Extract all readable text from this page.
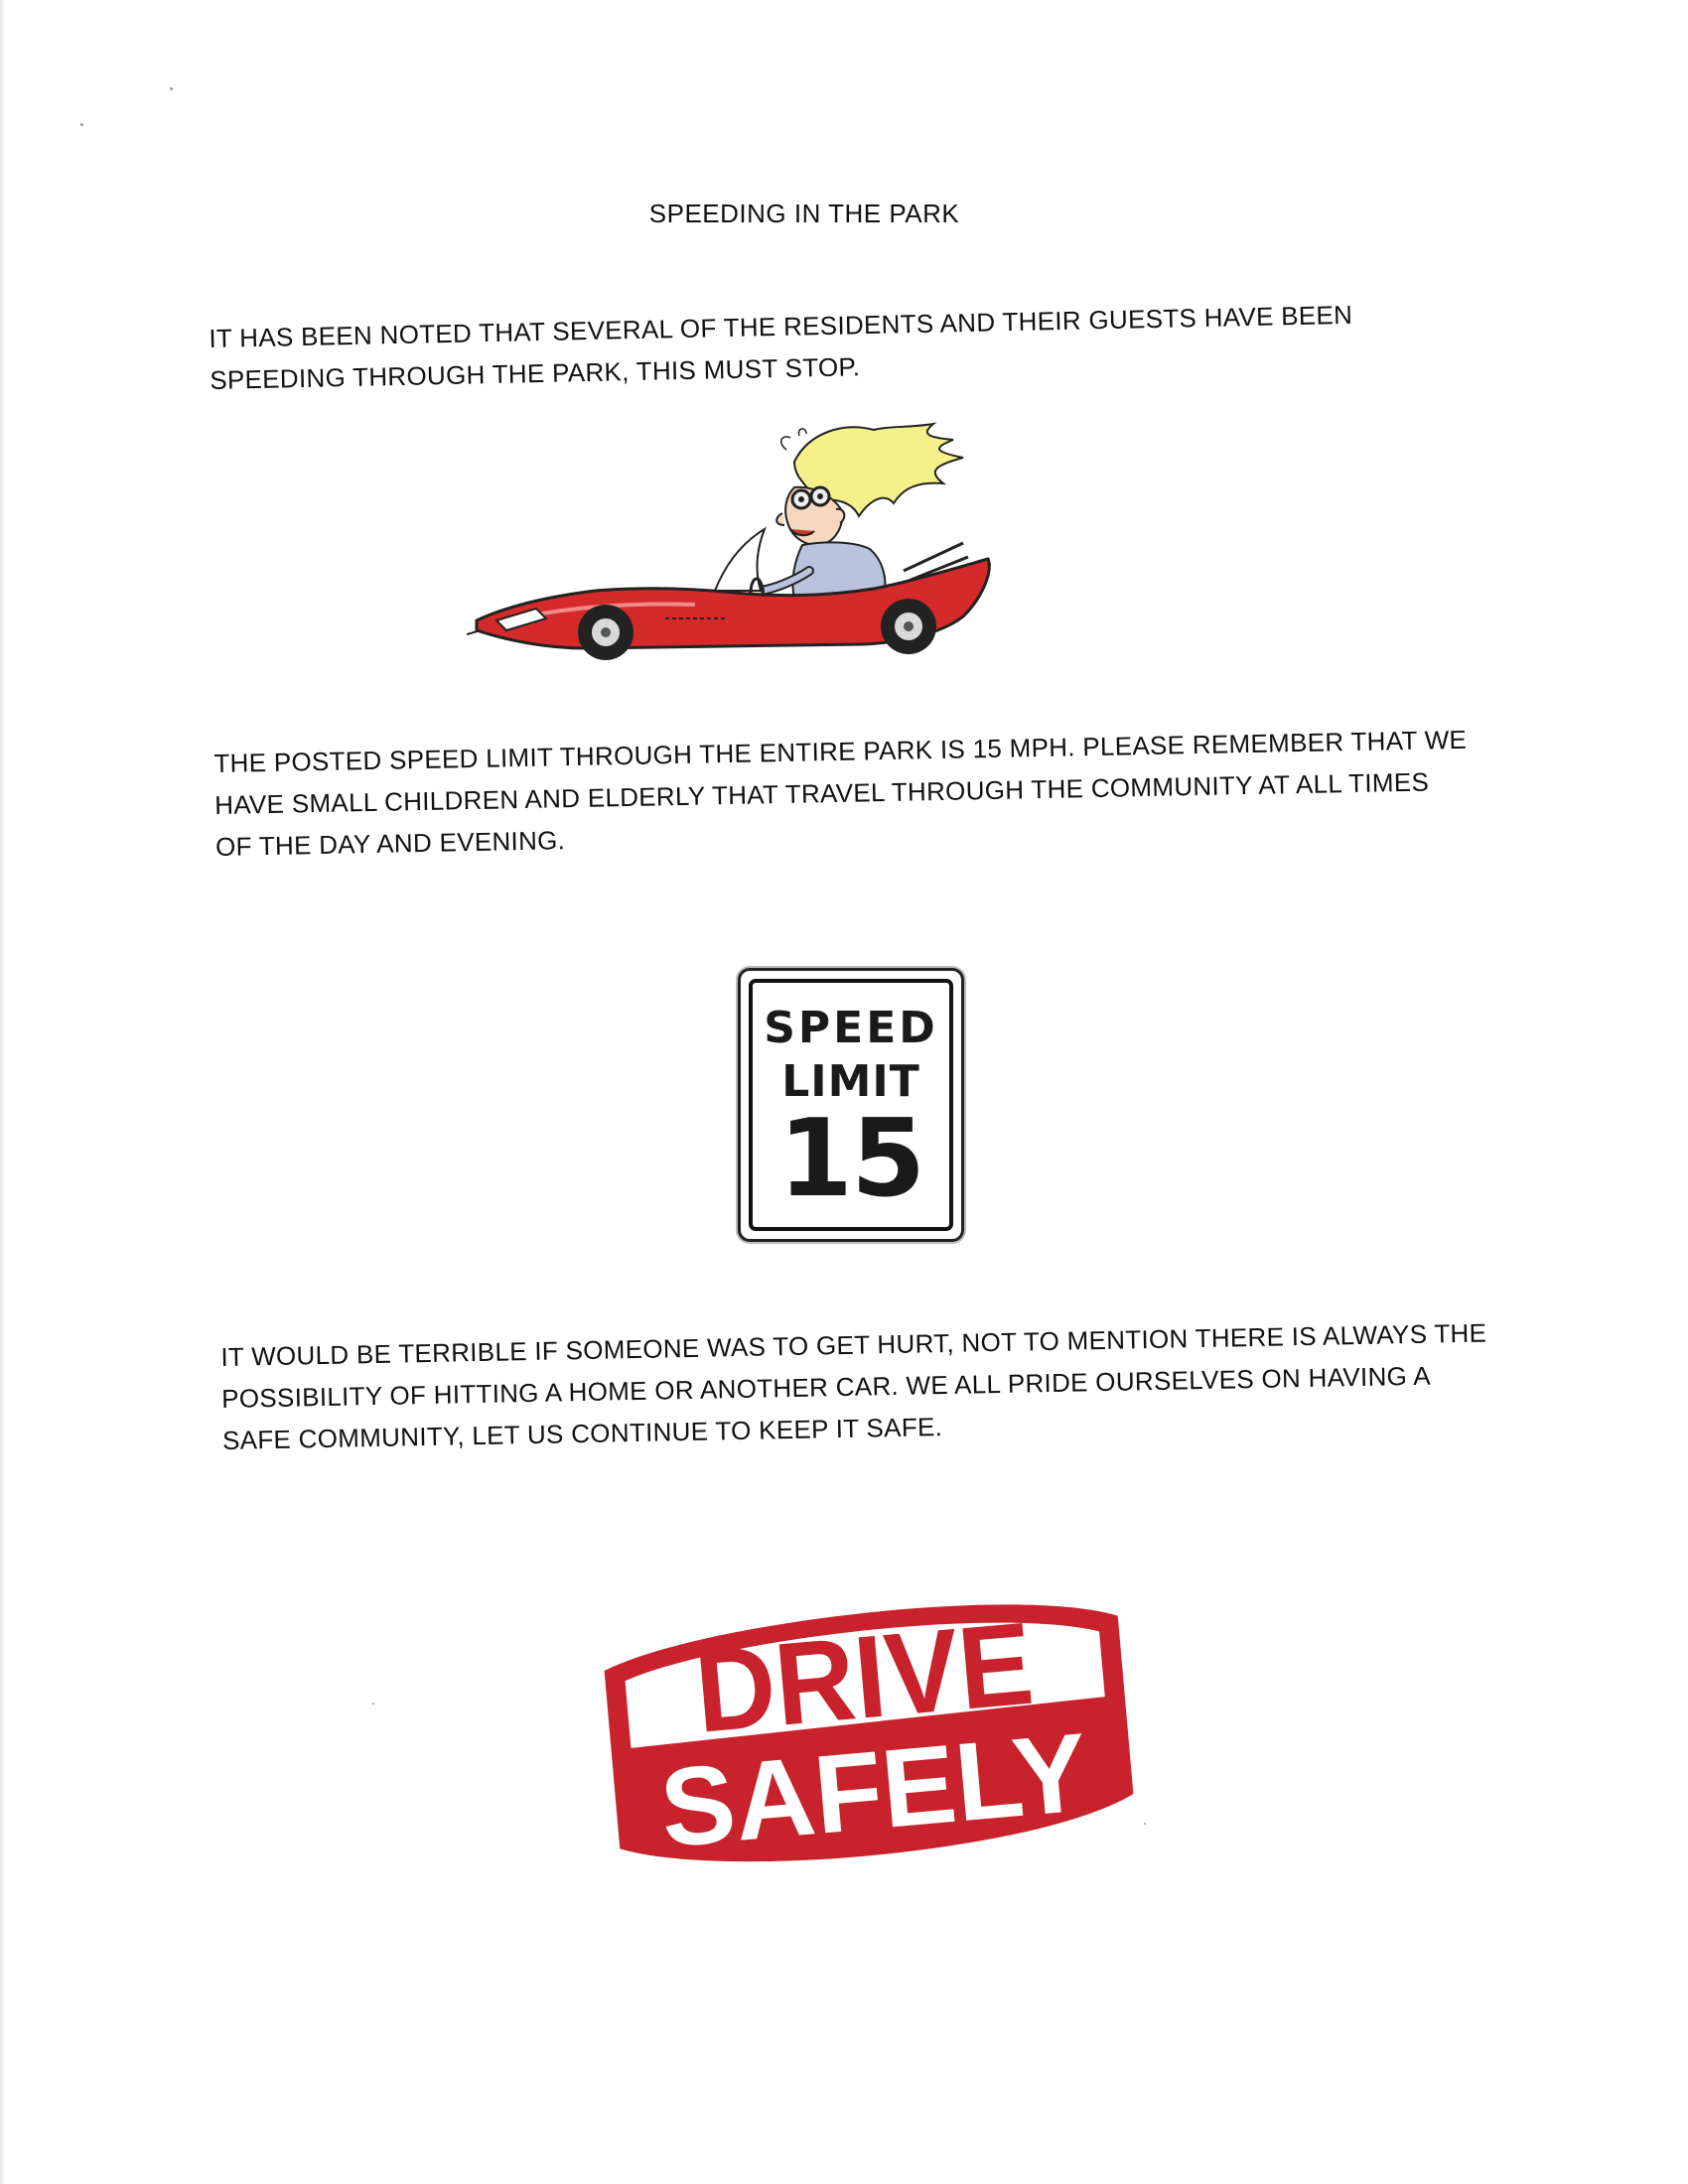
SPEEDING IN THE PARK
IT HAS BEEN NOTED THAT SEVERAL OF THE RESIDENTS AND THEIR GUESTS HAVE BEEN
SPEEDING THROUGH THE PARK, THIS MUST STOP.
THE POSTED SPEED LIMIT THROUGH THE ENTIRE PARK IS 15 MPH. PLEASE REMEMBER THAT WE
HAVE SMALL CHILDREN AND ELDERLY THAT TRAVEL THROUGH THE COMMUNITY AT ALL TIMES
OF THE DAY AND EVENING.
SPEED
LIMIT
15
IT WOULD BE TERRIBLE IF SOMEONE WAS TO GET HURT, NOT TO MENTION THERE IS ALWAYS THE
POSSIBILITY OF HITTING A HOME OR ANOTHER CAR. WE ALL PRIDE OURSELVES ON HAVING A
SAFE COMMUNITY, LET US CONTINUE TO KEEP IT SAFE.
DRIVE
SAFELY
